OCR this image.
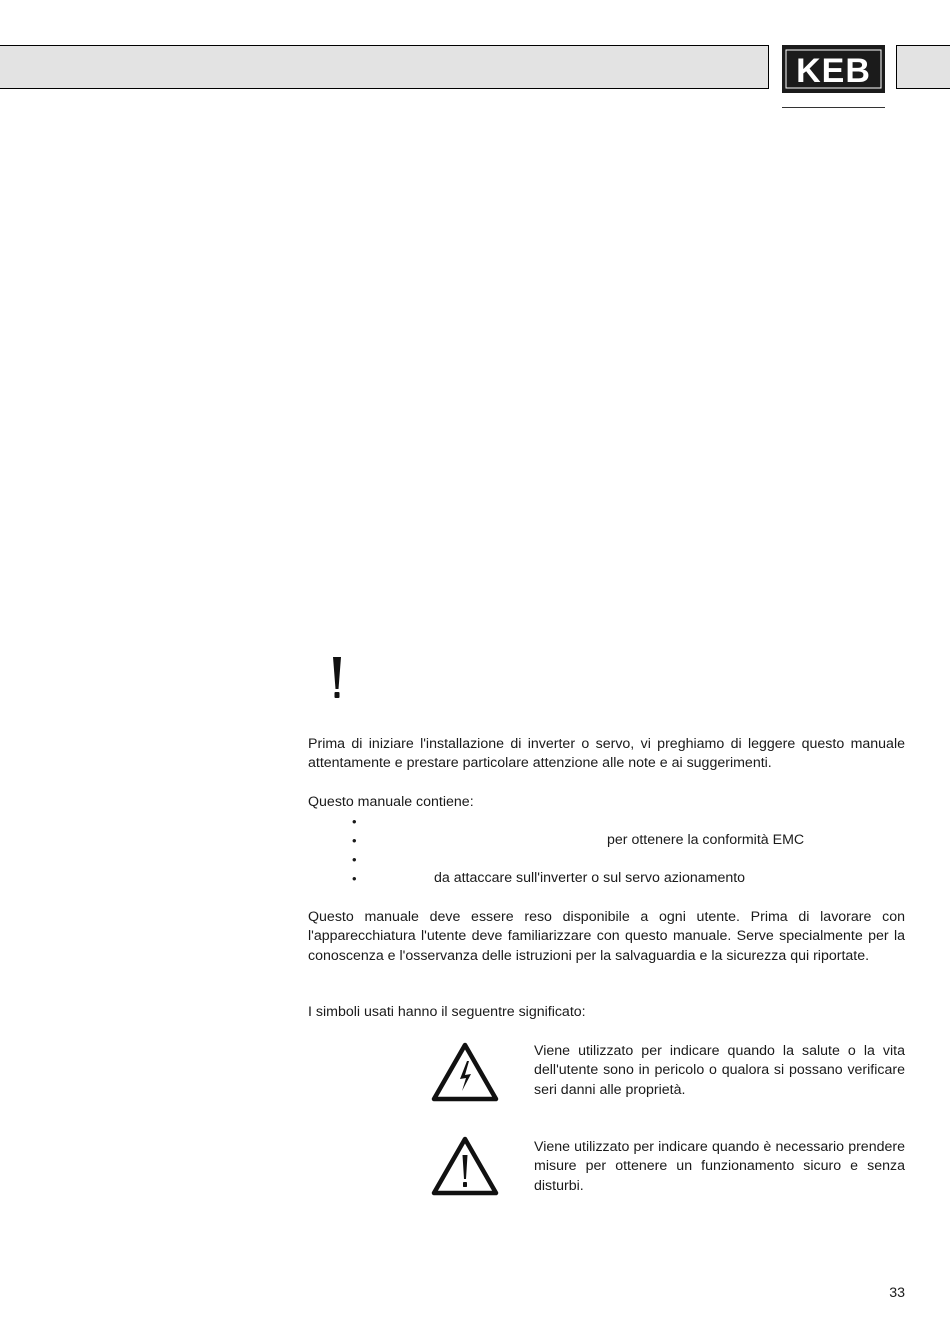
KEB

Prima di iniziare l'installazione di inverter o servo, vi preghiamo di leggere questo manuale attentamente e prestare particolare attenzione alle note e ai suggerimenti.

Questo manuale contiene:

•
•	per ottenere la conformità EMC
•
•	da attaccare sull'inverter o sul servo azionamento

Questo manuale deve essere reso disponibile a ogni utente. Prima di lavorare con l'apparecchiatura l'utente deve familiarizzare con questo manuale. Serve specialmente per la conoscenza e l'osservanza delle istruzioni per la salvaguardia e la sicurezza qui riportate.

I simboli usati hanno il seguentre significato:

Viene utilizzato per indicare quando la salute o la vita dell'utente sono in pericolo o qualora si possano verificare seri danni alle proprietà.

Viene utilizzato per indicare quando è necessario prendere misure per ottenere un funzionamento sicuro e senza disturbi.

33
